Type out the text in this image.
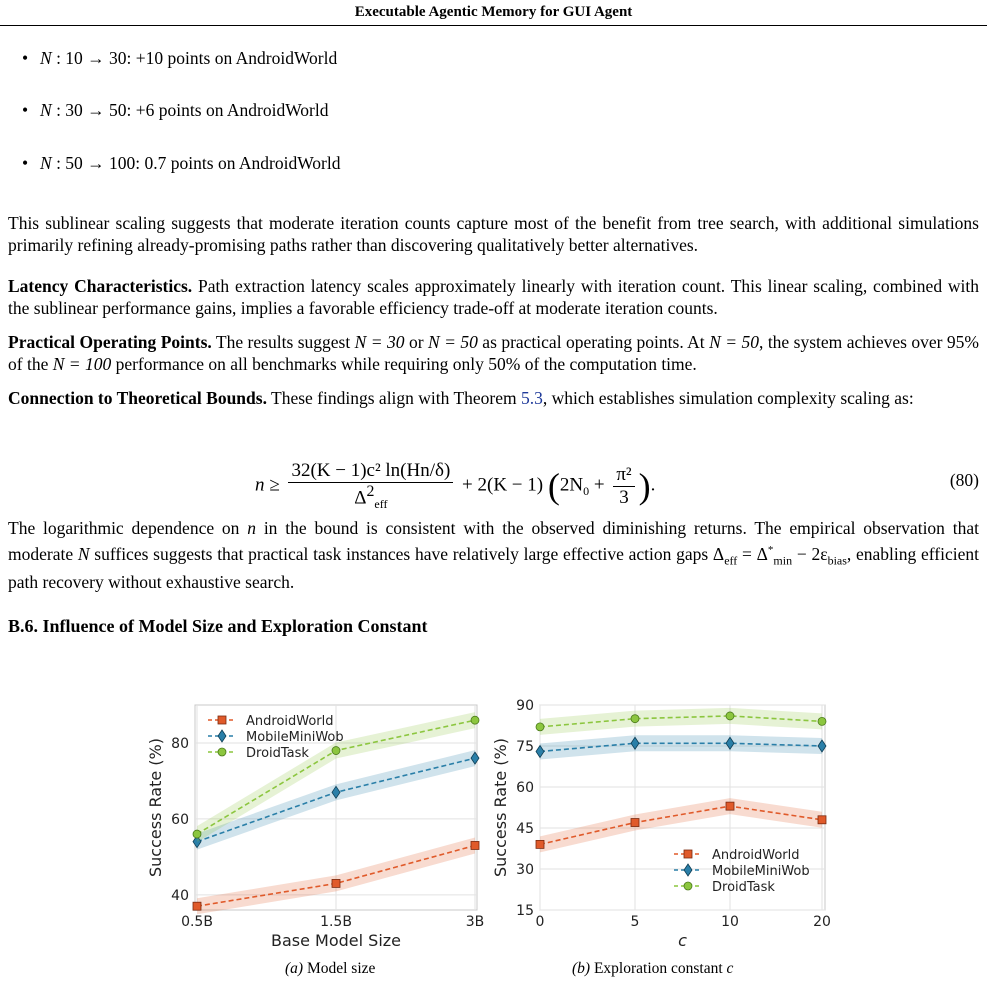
Executable Agentic Memory for GUI Agent
• N : 10 → 30: +10 points on AndroidWorld
• N : 30 → 50: +6 points on AndroidWorld
• N : 50 → 100: 0.7 points on AndroidWorld
This sublinear scaling suggests that moderate iteration counts capture most of the benefit from tree search, with additional simulations primarily refining already-promising paths rather than discovering qualitatively better alternatives.
Latency Characteristics. Path extraction latency scales approximately linearly with iteration count. This linear scaling, combined with the sublinear performance gains, implies a favorable efficiency trade-off at moderate iteration counts.
Practical Operating Points. The results suggest N = 30 or N = 50 as practical operating points. At N = 50, the system achieves over 95% of the N = 100 performance on all benchmarks while requiring only 50% of the computation time.
Connection to Theoretical Bounds. These findings align with Theorem 5.3, which establishes simulation complexity scaling as:
$n \ge \frac{\text{32(K − 1)c² ln(Hn/δ)}}{\Delta^2_{eff}} + 2(K - 1) (2N_0 + \frac{\text{π²}}{3}$ ).	(80)
The logarithmic dependence on n in the bound is consistent with the observed diminishing returns. The empirical observation that moderate N suffices suggests that practical task instances have relatively large effective action gaps $\Delta_{eff} = \Delta^*_{min} - 2\varepsilon_{bias}$, enabling efficient path recovery without exhaustive search.
B.6. Influence of Model Size and Exploration Constant
40
60
80
0.5B	1.5B	3B
Base Model Size
Success Rate (%)
AndroidWorld
MobileMiniWob
DroidTask
15
30
45
60
75
90
0	5	10	20
c
Success Rate (%)	AndroidWorld
MobileMiniWob
DroidTask
(a) Model size	(b) Exploration constant c
